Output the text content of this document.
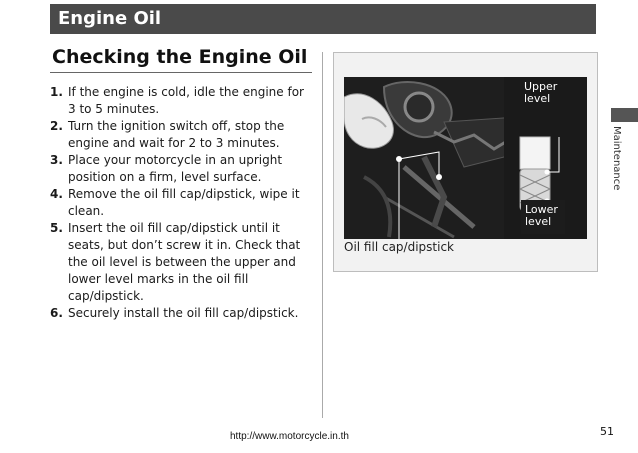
Engine Oil
Checking the Engine Oil
1. If the engine is cold, idle the engine for 3 to 5 minutes.
2. Turn the ignition switch off, stop the engine and wait for 2 to 3 minutes.
3. Place your motorcycle in an upright position on a firm, level surface.
4. Remove the oil fill cap/dipstick, wipe it clean.
5. Insert the oil fill cap/dipstick until it seats, but don’t screw it in. Check that the oil level is between the upper and lower level marks in the oil fill cap/dipstick.
6. Securely install the oil fill cap/dipstick.
Upper
level
Lower
level
Oil fill cap/dipstick
Maintenance
51
http://www.motorcycle.in.th
